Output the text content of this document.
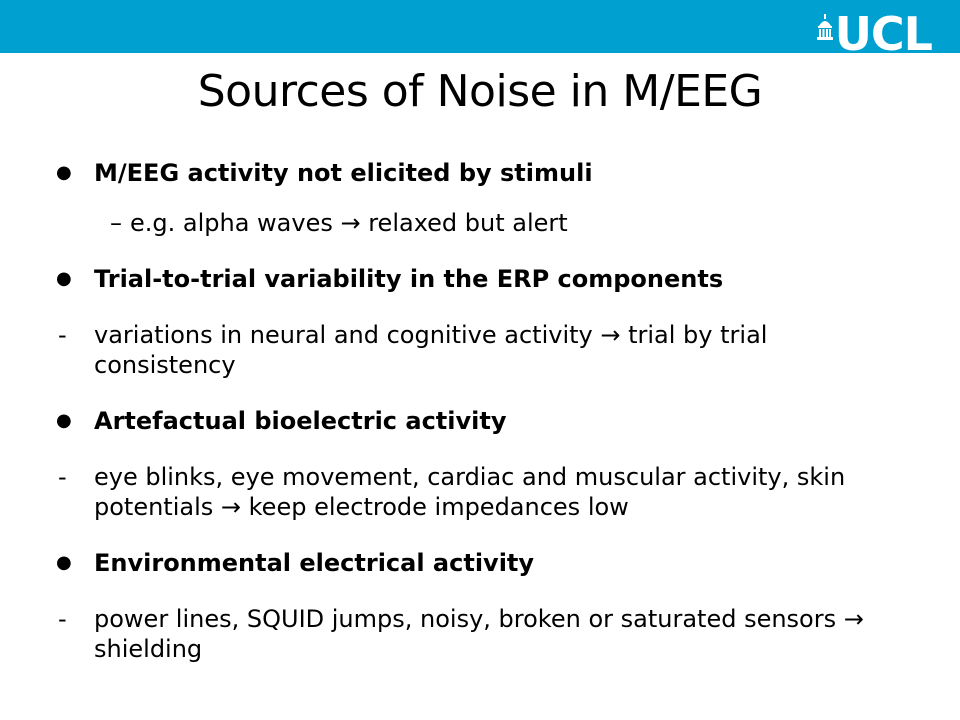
UCL
Sources of Noise in M/EEG
● M/EEG activity not elicited by stimuli
– e.g. alpha waves → relaxed but alert
● Trial-to-trial variability in the ERP components
-	variations in neural and cognitive activity → trial by trial consistency
● Artefactual bioelectric activity
-	eye blinks, eye movement, cardiac and muscular activity, skin potentials → keep electrode impedances low
● Environmental electrical activity
-	power lines, SQUID jumps, noisy, broken or saturated sensors → shielding
